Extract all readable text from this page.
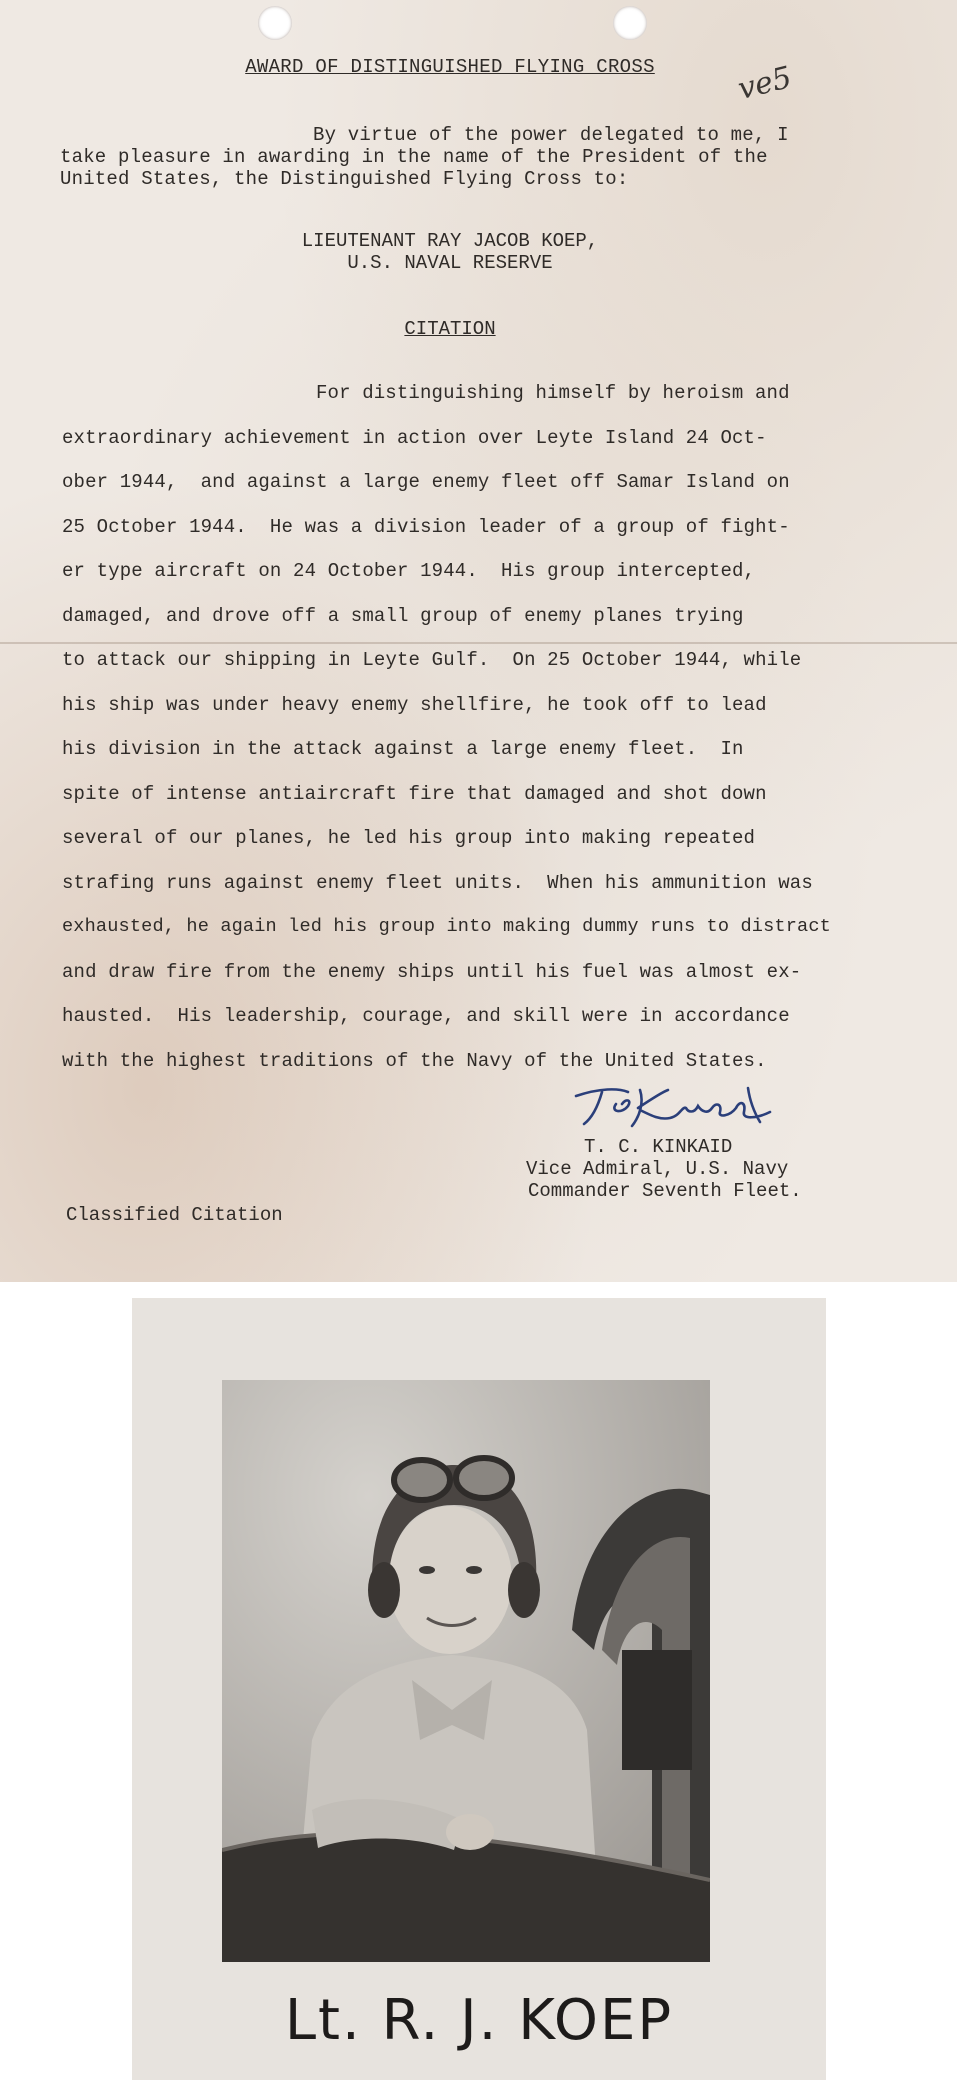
AWARD OF DISTINGUISHED FLYING CROSS	ve5
By virtue of the power delegated to me, I
take pleasure in awarding in the name of the President of the
United States, the Distinguished Flying Cross to:
LIEUTENANT RAY JACOB KOEP,
U.S. NAVAL RESERVE
CITATION
For distinguishing himself by heroism and
extraordinary achievement in action over Leyte Island 24 Oct-
ober 1944,  and against a large enemy fleet off Samar Island on
25 October 1944.  He was a division leader of a group of fight-
er type aircraft on 24 October 1944.  His group intercepted,
damaged, and drove off a small group of enemy planes trying
to attack our shipping in Leyte Gulf.  On 25 October 1944, while
his ship was under heavy enemy shellfire, he took off to lead
his division in the attack against a large enemy fleet.  In
spite of intense antiaircraft fire that damaged and shot down
several of our planes, he led his group into making repeated
strafing runs against enemy fleet units.  When his ammunition was
exhausted, he again led his group into making dummy runs to distract
and draw fire from the enemy ships until his fuel was almost ex-
hausted.  His leadership, courage, and skill were in accordance
with the highest traditions of the Navy of the United States.
T. C. KINKAID
Vice Admiral, U.S. Navy
Commander Seventh Fleet.
Classified Citation
Lt. R. J. KOEP
